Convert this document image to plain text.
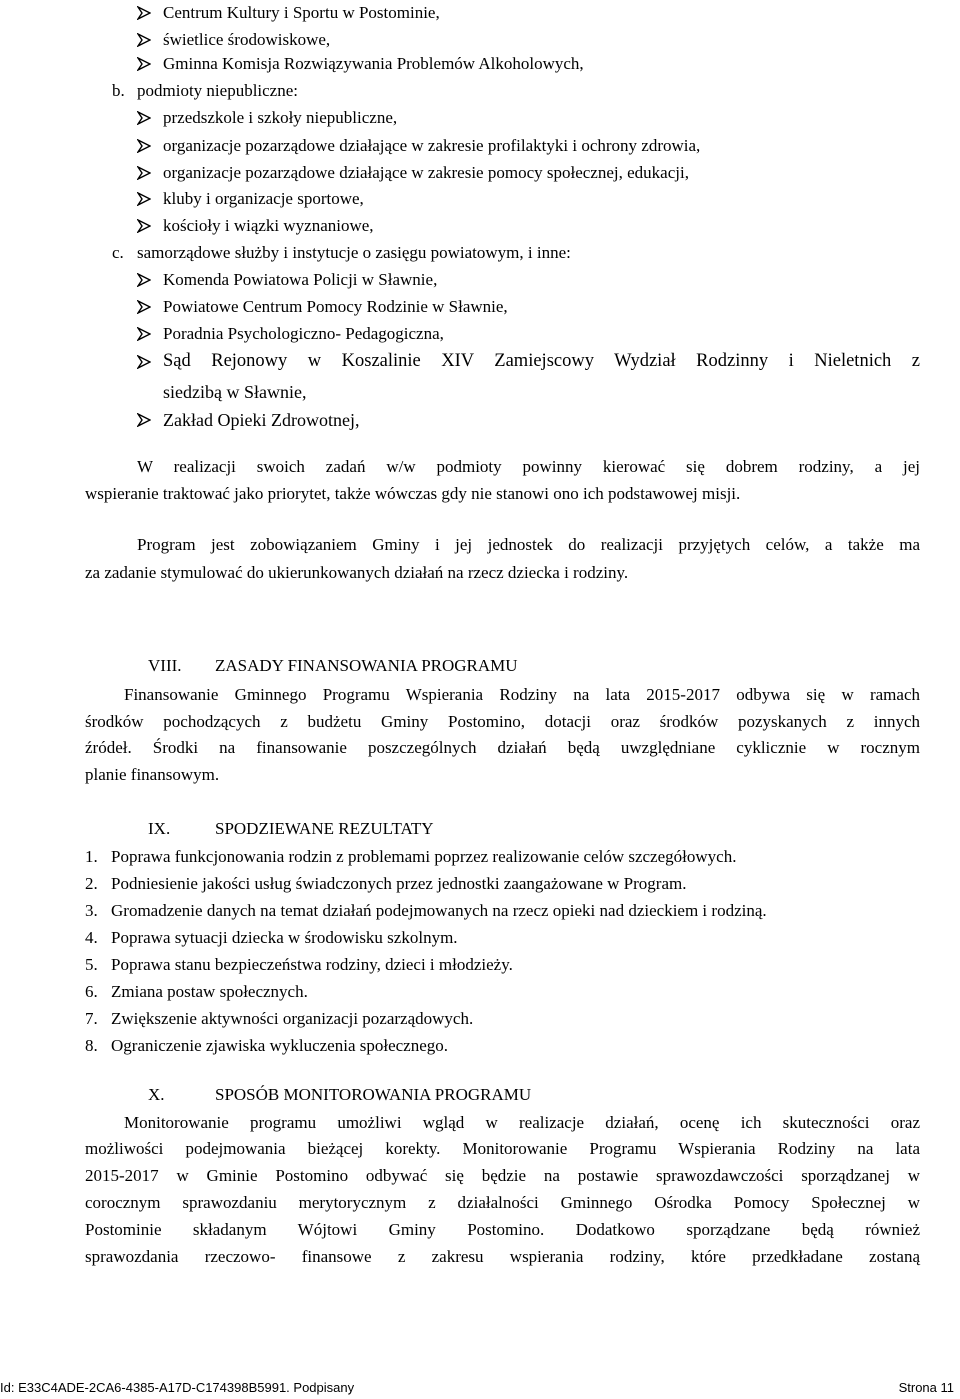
Centrum Kultury i Sportu w Postominie,
świetlice środowiskowe,
Gminna Komisja Rozwiązywania Problemów Alkoholowych,
b. podmioty niepubliczne:
przedszkole i szkoły niepubliczne,
organizacje pozarządowe działające w zakresie profilaktyki i ochrony zdrowia,
organizacje pozarządowe działające w zakresie pomocy społecznej, edukacji,
kluby i organizacje sportowe,
kościoły i wiązki wyznaniowe,
c. samorządowe służby i instytucje o zasięgu powiatowym, i inne:
Komenda Powiatowa Policji w Sławnie,
Powiatowe Centrum Pomocy Rodzinie w Sławnie,
Poradnia Psychologiczno- Pedagogiczna,
Sąd Rejonowy w Koszalinie XIV Zamiejscowy Wydział Rodzinny i Nieletnich z
siedzibą w Sławnie,
Zakład Opieki Zdrowotnej,
W realizacji swoich zadań w/w podmioty powinny kierować się dobrem rodziny, a jej
wspieranie traktować jako priorytet, także wówczas gdy nie stanowi ono ich podstawowej misji.
Program jest zobowiązaniem Gminy i jej jednostek do realizacji przyjętych celów, a także ma
za zadanie stymulować do ukierunkowanych działań na rzecz dziecka i rodziny.
VIII. ZASADY FINANSOWANIA PROGRAMU
Finansowanie Gminnego Programu Wspierania Rodziny na lata 2015-2017 odbywa się w ramach
środków pochodzących z budżetu Gminy Postomino, dotacji oraz środków pozyskanych z innych
źródeł. Środki na finansowanie poszczególnych działań będą uwzględniane cyklicznie w rocznym
planie finansowym.
IX.	SPODZIEWANE REZULTATY
1. Poprawa funkcjonowania rodzin z problemami poprzez realizowanie celów szczegółowych.
2. Podniesienie jakości usług świadczonych przez jednostki zaangażowane w Program.
3. Gromadzenie danych na temat działań podejmowanych na rzecz opieki nad dzieckiem i rodziną.
4. Poprawa sytuacji dziecka w środowisku szkolnym.
5. Poprawa stanu bezpieczeństwa rodziny, dzieci i młodzieży.
6. Zmiana postaw społecznych.
7. Zwiększenie aktywności organizacji pozarządowych.
8. Ograniczenie zjawiska wykluczenia społecznego.
X.	SPOSÓB MONITOROWANIA PROGRAMU
Monitorowanie programu umożliwi wgląd w realizacje działań, ocenę ich skuteczności oraz
możliwości podejmowania bieżącej korekty. Monitorowanie Programu Wspierania Rodziny na lata
2015-2017 w Gminie Postomino odbywać się będzie na postawie sprawozdawczości sporządzanej w
corocznym sprawozdaniu merytorycznym z działalności Gminnego Ośrodka Pomocy Społecznej w
Postominie składanym Wójtowi Gminy Postomino. Dodatkowo sporządzane będą również
sprawozdania rzeczowo- finansowe z zakresu wspierania rodziny, które przedkładane zostaną
Id: E33C4ADE-2CA6-4385-A17D-C174398B5991. Podpisany	Strona 11
